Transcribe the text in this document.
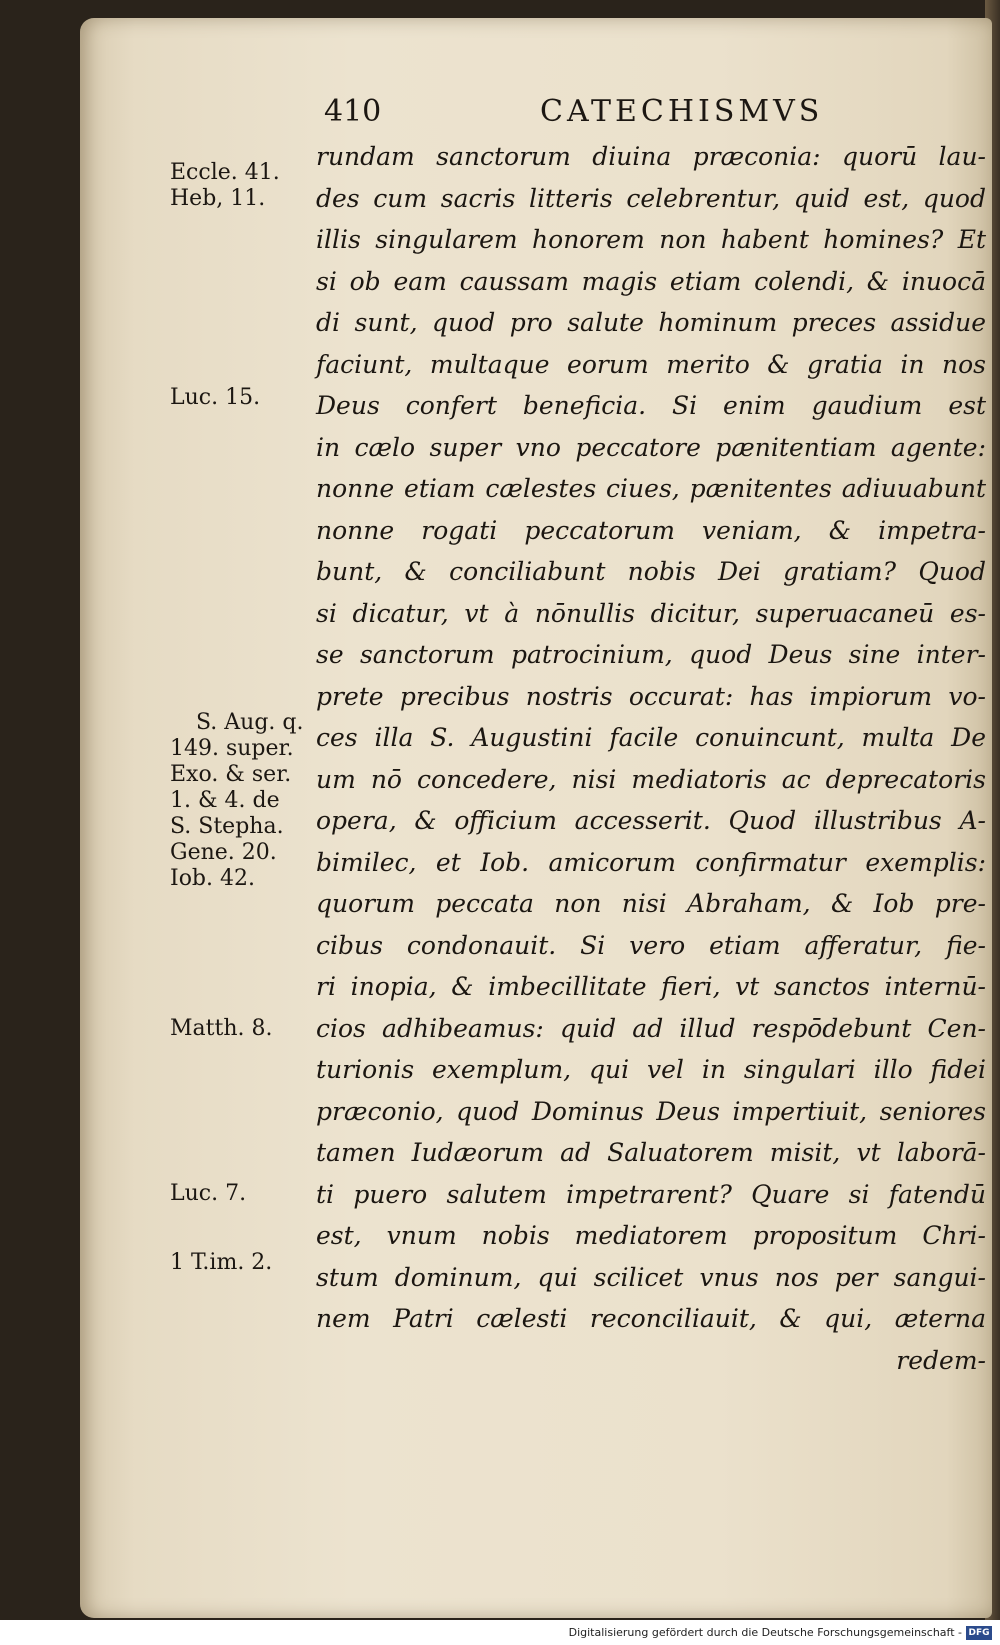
410	CATECHISMVS
Eccle. 41.
Heb, 11.
Luc. 15.
S. Aug. q.
149. super.
Exo. & ser.
1. & 4. de
S. Stepha.
Gene. 20.
Iob. 42.
Matth. 8.
Luc. 7.
1 T.im. 2.
rundam sanctorum diuina præconia: quorū lau-
des cum sacris litteris celebrentur, quid est, quod
illis singularem honorem non habent homines? Et
si ob eam caussam magis etiam colendi, & inuocā
di sunt, quod pro salute hominum preces assidue
faciunt, multaque eorum merito & gratia in nos
Deus confert beneficia. Si enim gaudium est
in cælo super vno peccatore pænitentiam agente:
nonne etiam cælestes ciues, pænitentes adiuuabunt
nonne rogati peccatorum veniam, & impetra-
bunt, & conciliabunt nobis Dei gratiam? Quod
si dicatur, vt à nōnullis dicitur, superuacaneū es-
se sanctorum patrocinium, quod Deus sine inter-
prete precibus nostris occurat: has impiorum vo-
ces illa S. Augustini facile conuincunt, multa De
um nō concedere, nisi mediatoris ac deprecatoris
opera, & officium accesserit. Quod illustribus A-
bimilec, et Iob. amicorum confirmatur exemplis:
quorum peccata non nisi Abraham, & Iob pre-
cibus condonauit. Si vero etiam afferatur, fie-
ri inopia, & imbecillitate fieri, vt sanctos internū-
cios adhibeamus: quid ad illud respōdebunt Cen-
turionis exemplum, qui vel in singulari illo fidei
præconio, quod Dominus Deus impertiuit, seniores
tamen Iudæorum ad Saluatorem misit, vt laborā-
ti puero salutem impetrarent? Quare si fatendū
est, vnum nobis mediatorem propositum Chri-
stum dominum, qui scilicet vnus nos per sangui-
nem Patri cælesti reconciliauit, & qui, æterna
redem-
Digitalisierung gefördert durch die Deutsche Forschungsgemeinschaft - DFG
